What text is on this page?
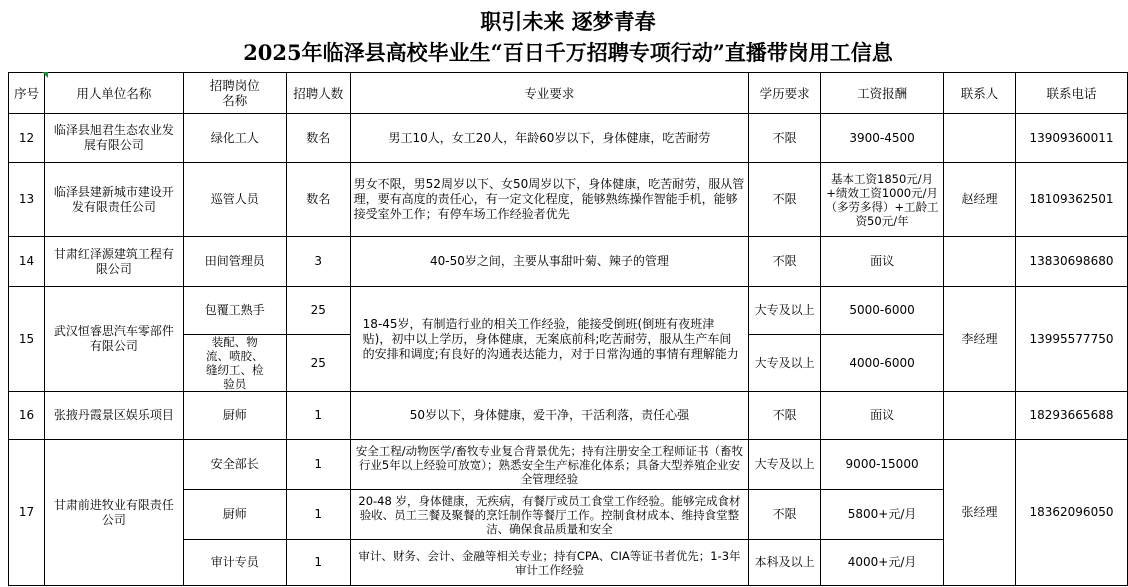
职引未来 逐梦青春
2025年临泽县高校毕业生“百日千万招聘专项行动”直播带岗用工信息
序号	用人单位名称	招聘岗位名称	招聘人数	专业要求	学历要求	工资报酬	联系人	联系电话
12	临泽县旭君生态农业发展有限公司	绿化工人	数名	男工10人，女工20人，年龄60岁以下，身体健康，吃苦耐劳	不限	3900-4500		13909360011
13	临泽县建新城市建设开发有限责任公司	巡管人员	数名	男女不限，男52周岁以下、女50周岁以下，身体健康，吃苦耐劳，服从管理，要有高度的责任心，有一定文化程度，能够熟练操作智能手机，能够接受室外工作；有停车场工作经验者优先	不限	基本工资1850元/月+绩效工资1000元/月（多劳多得）+工龄工资50元/年	赵经理	18109362501
14	甘肃红泽源建筑工程有限公司	田间管理员	3	40-50岁之间，主要从事甜叶菊、辣子的管理	不限	面议		13830698680
15	武汉恒睿思汽车零部件有限公司	包覆工熟手	25	18-45岁，有制造行业的相关工作经验，能接受倒班(倒班有夜班津贴)，初中以上学历，身体健康，无案底前科;吃苦耐劳，服从生产车间的安排和调度;有良好的沟通表达能力，对于日常沟通的事情有理解能力	大专及以上	5000-6000	李经理	13995577750
		装配、物流、喷胶、缝纫工、检验员	25		大专及以上	4000-6000		
16	张掖丹霞景区娱乐项目	厨师	1	50岁以下，身体健康，爱干净，干活利落，责任心强	不限	面议		18293665688
17	甘肃前进牧业有限责任公司	安全部长	1	安全工程/动物医学/畜牧专业复合背景优先；持有注册安全工程师证书（畜牧行业5年以上经验可放宽）；熟悉安全生产标准化体系；具备大型养殖企业安全管理经验	大专及以上	9000-15000	张经理	18362096050
		厨师	1	20-48 岁，身体健康，无疾病，有餐厅或员工食堂工作经验。能够完成食材验收、员工三餐及聚餐的烹饪制作等餐厅工作。控制食材成本、维持食堂整洁、确保食品质量和安全	不限	5800+元/月		
		审计专员	1	审计、财务、会计、金融等相关专业；持有CPA、CIA等证书者优先；1-3年审计工作经验	本科及以上	4000+元/月		
